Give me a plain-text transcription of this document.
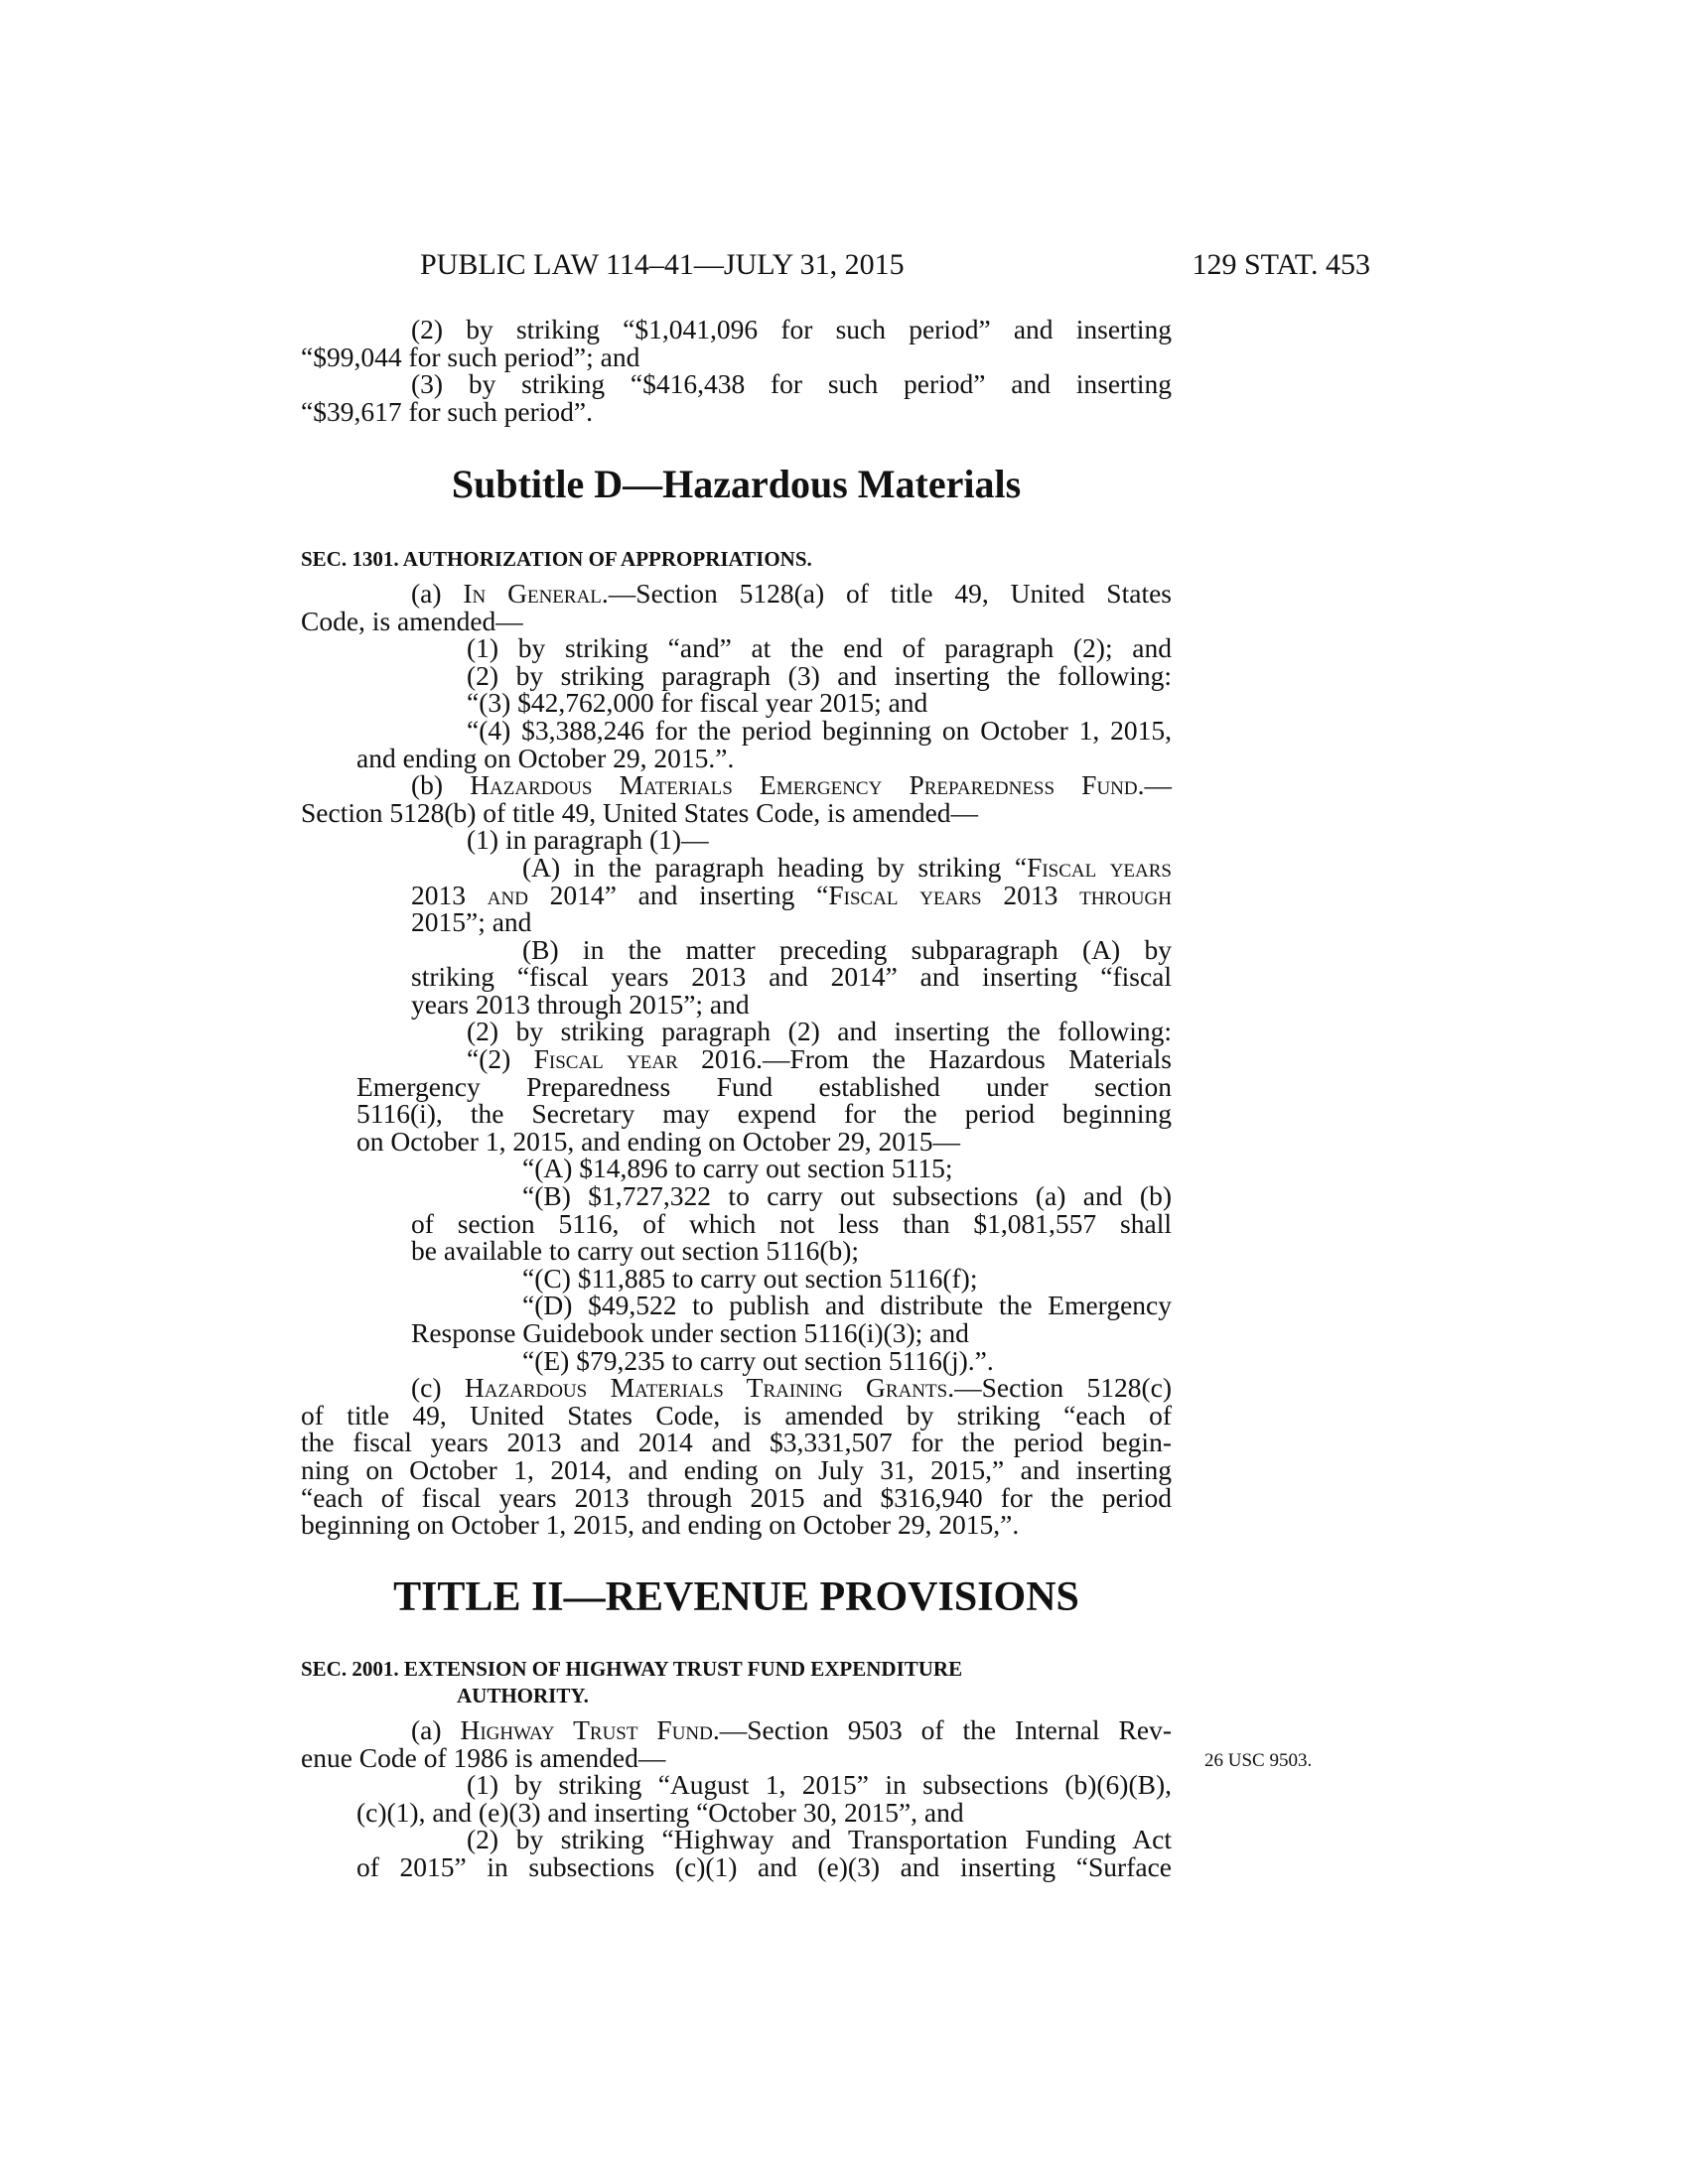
PUBLIC LAW 114–41—JULY 31, 2015	129 STAT. 453

(2) by striking “$1,041,096 for such period” and inserting

“$99,044 for such period”; and

(3) by striking “$416,438 for such period” and inserting

“$39,617 for such period”.

Subtitle D—Hazardous Materials
SEC. 1301. AUTHORIZATION OF APPROPRIATIONS.

(a) In General.—Section 5128(a) of title 49, United States

Code, is amended—

(1) by striking “and” at the end of paragraph (2); and

(2) by striking paragraph (3) and inserting the following:

“(3) $42,762,000 for fiscal year 2015; and

“(4) $3,388,246 for the period beginning on October 1, 2015,

and ending on October 29, 2015.”.

(b) Hazardous Materials Emergency Preparedness Fund.—

Section 5128(b) of title 49, United States Code, is amended—

(1) in paragraph (1)—

(A) in the paragraph heading by striking “Fiscal years

2013 and 2014” and inserting “Fiscal years 2013 through

2015”; and

(B) in the matter preceding subparagraph (A) by

striking “fiscal years 2013 and 2014” and inserting “fiscal

years 2013 through 2015”; and

(2) by striking paragraph (2) and inserting the following:

“(2) Fiscal year 2016.—From the Hazardous Materials

Emergency Preparedness Fund established under section

5116(i), the Secretary may expend for the period beginning

on October 1, 2015, and ending on October 29, 2015—

“(A) $14,896 to carry out section 5115;

“(B) $1,727,322 to carry out subsections (a) and (b)

of section 5116, of which not less than $1,081,557 shall

be available to carry out section 5116(b);

“(C) $11,885 to carry out section 5116(f);

“(D) $49,522 to publish and distribute the Emergency

Response Guidebook under section 5116(i)(3); and

“(E) $79,235 to carry out section 5116(j).”.

(c) Hazardous Materials Training Grants.—Section 5128(c)

of title 49, United States Code, is amended by striking “each of

the fiscal years 2013 and 2014 and $3,331,507 for the period begin-

ning on October 1, 2014, and ending on July 31, 2015,” and inserting

“each of fiscal years 2013 through 2015 and $316,940 for the period

beginning on October 1, 2015, and ending on October 29, 2015,”.

TITLE II—REVENUE PROVISIONS
SEC. 2001. EXTENSION OF HIGHWAY TRUST FUND EXPENDITURE
AUTHORITY.

(a) Highway Trust Fund.—Section 9503 of the Internal Rev-

enue Code of 1986 is amended—

(1) by striking “August 1, 2015” in subsections (b)(6)(B),

(c)(1), and (e)(3) and inserting “October 30, 2015”, and

(2) by striking “Highway and Transportation Funding Act

of 2015” in subsections (c)(1) and (e)(3) and inserting “Surface

26 USC 9503.
